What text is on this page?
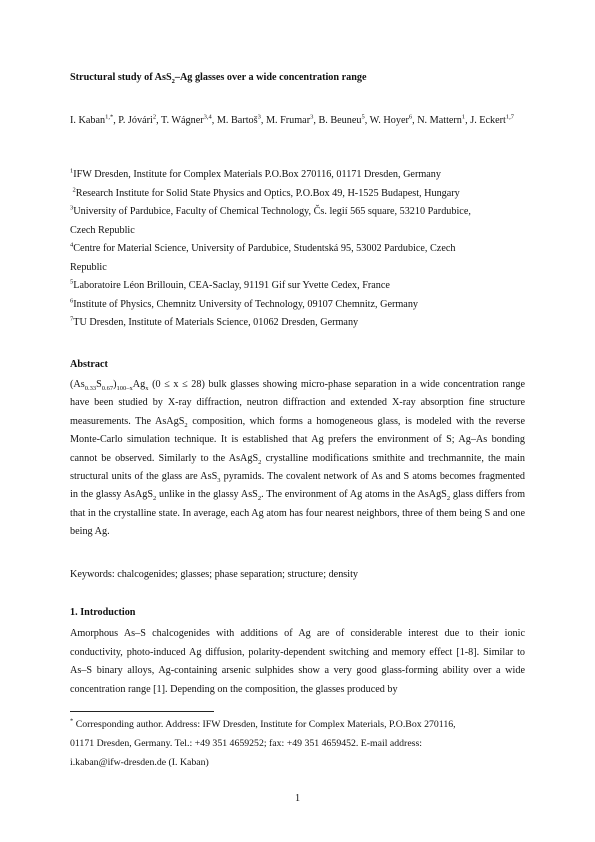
Structural study of AsS$_2$–Ag glasses over a wide concentration range
I. Kaban$^{1,*}$, P. Jóvári$^2$, T. Wágner$^{3,4}$, M. Bartoš$^3$, M. Frumar$^3$, B. Beuneu$^5$, W. Hoyer$^6$, N. Mattern$^1$, J. Eckert$^{1,7}$

$^1$IFW Dresden, Institute for Complex Materials P.O.Box 270116, 01171 Dresden, Germany

$^2$Research Institute for Solid State Physics and Optics, P.O.Box 49, H-1525 Budapest, Hungary

$^3$University of Pardubice, Faculty of Chemical Technology, Čs. legií 565 square, 53210 Pardubice,
Czech Republic

$^4$Centre for Material Science, University of Pardubice, Studentská 95, 53002 Pardubice, Czech
Republic

$^5$Laboratoire Léon Brillouin, CEA-Saclay, 91191 Gif sur Yvette Cedex, France

$^6$Institute of Physics, Chemnitz University of Technology, 09107 Chemnitz, Germany

$^7$TU Dresden, Institute of Materials Science, 01062 Dresden, Germany

Abstract

$(As_{0.33}S_{0.67})_{100-x}Ag_x$ (0 ≤ x ≤ 28) bulk glasses showing micro-phase separation in a wide concentration range have been studied by X-ray diffraction, neutron diffraction and extended X-ray absorption fine structure measurements. The AsAgS$_2$ composition, which forms a homogeneous glass, is modeled with the reverse Monte-Carlo simulation technique. It is established that Ag prefers the environment of S; Ag–As bonding cannot be observed. Similarly to the AsAgS$_2$ crystalline modifications smithite and trechmannite, the main structural units of the glass are AsS$_3$ pyramids. The covalent network of As and S atoms becomes fragmented in the glassy AsAgS$_2$ unlike in the glassy AsS$_2$. The environment of Ag atoms in the AsAgS$_2$ glass differs from that in the crystalline state. In average, each Ag atom has four nearest neighbors, three of them being S and one being Ag.
Keywords: chalcogenides; glasses; phase separation; structure; density

1. Introduction

Amorphous As–S chalcogenides with additions of Ag are of considerable interest due to their ionic conductivity, photo-induced Ag diffusion, polarity-dependent switching and memory effect [1-8]. Similar to As–S binary alloys, Ag-containing arsenic sulphides show a very good glass-forming ability over a wide concentration range [1]. Depending on the composition, the glasses produced by
* Corresponding author. Address: IFW Dresden, Institute for Complex Materials, P.O.Box 270116,
01171 Dresden, Germany. Tel.: +49 351 4659252; fax: +49 351 4659452. E-mail address:
i.kaban@ifw-dresden.de (I. Kaban)
1
